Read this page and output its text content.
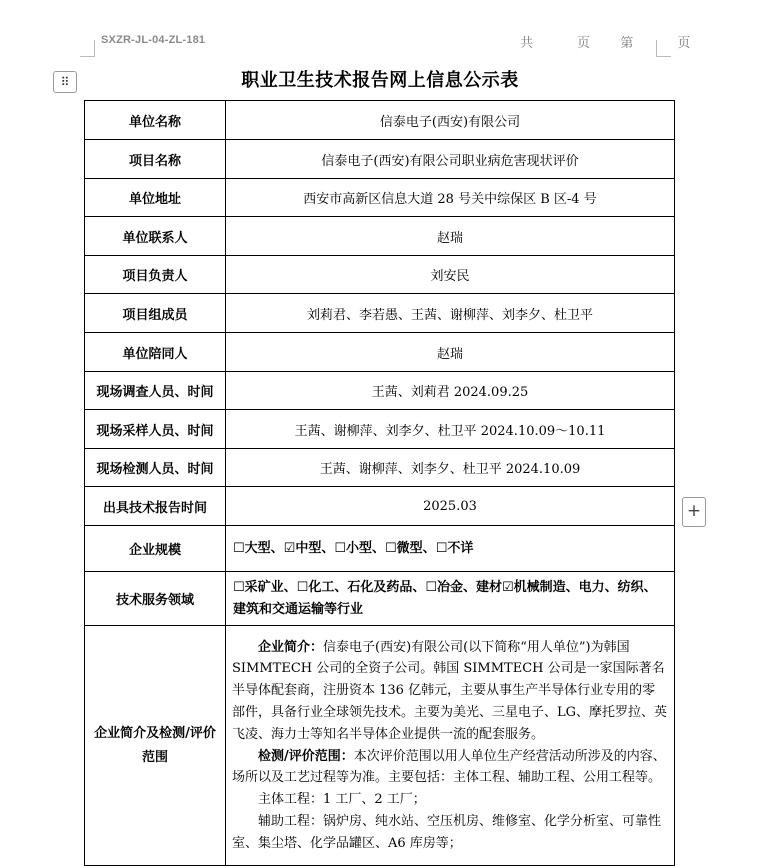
SXZR-JL-04-ZL-181	共	页 第	页
⠿	职业卫生技术报告网上信息公示表
单位名称	信泰电子(西安)有限公司
项目名称	信泰电子(西安)有限公司职业病危害现状评价
单位地址	西安市高新区信息大道 28 号关中综保区 B 区-4 号
单位联系人	赵瑞
项目负责人	刘安民
项目组成员	刘莉君、李若愚、王茜、谢柳萍、刘李夕、杜卫平
单位陪同人	赵瑞
现场调查人员、时间	王茜、刘莉君 2024.09.25
现场采样人员、时间	王茜、谢柳萍、刘李夕、杜卫平 2024.10.09～10.11
现场检测人员、时间	王茜、谢柳萍、刘李夕、杜卫平 2024.10.09
出具技术报告时间	2025.03
企业规模	☐大型、☑中型、☐小型、☐微型、☐不详
技术服务领域	☐采矿业、☐化工、石化及药品、☐冶金、建材☑机械制造、电力、纺织、建筑和交通运输等行业
企业简介及检测/评价范围	企业简介：信泰电子(西安)有限公司(以下简称“用人单位”)为韩国 SIMMTECH 公司的全资子公司。韩国 SIMMTECH 公司是一家国际著名半导体配套商，注册资本 136 亿韩元，主要从事生产半导体行业专用的零部件，具备行业全球领先技术。主要为美光、三星电子、LG、摩托罗拉、英飞凌、海力士等知名半导体企业提供一流的配套服务。

检测/评价范围：本次评价范围以用人单位生产经营活动所涉及的内容、场所以及工艺过程等为准。主要包括：主体工程、辅助工程、公用工程等。

主体工程：1 工厂、2 工厂；

辅助工程：锅炉房、纯水站、空压机房、维修室、化学分析室、可靠性室、集尘塔、化学品罐区、A6 库房等；

+
